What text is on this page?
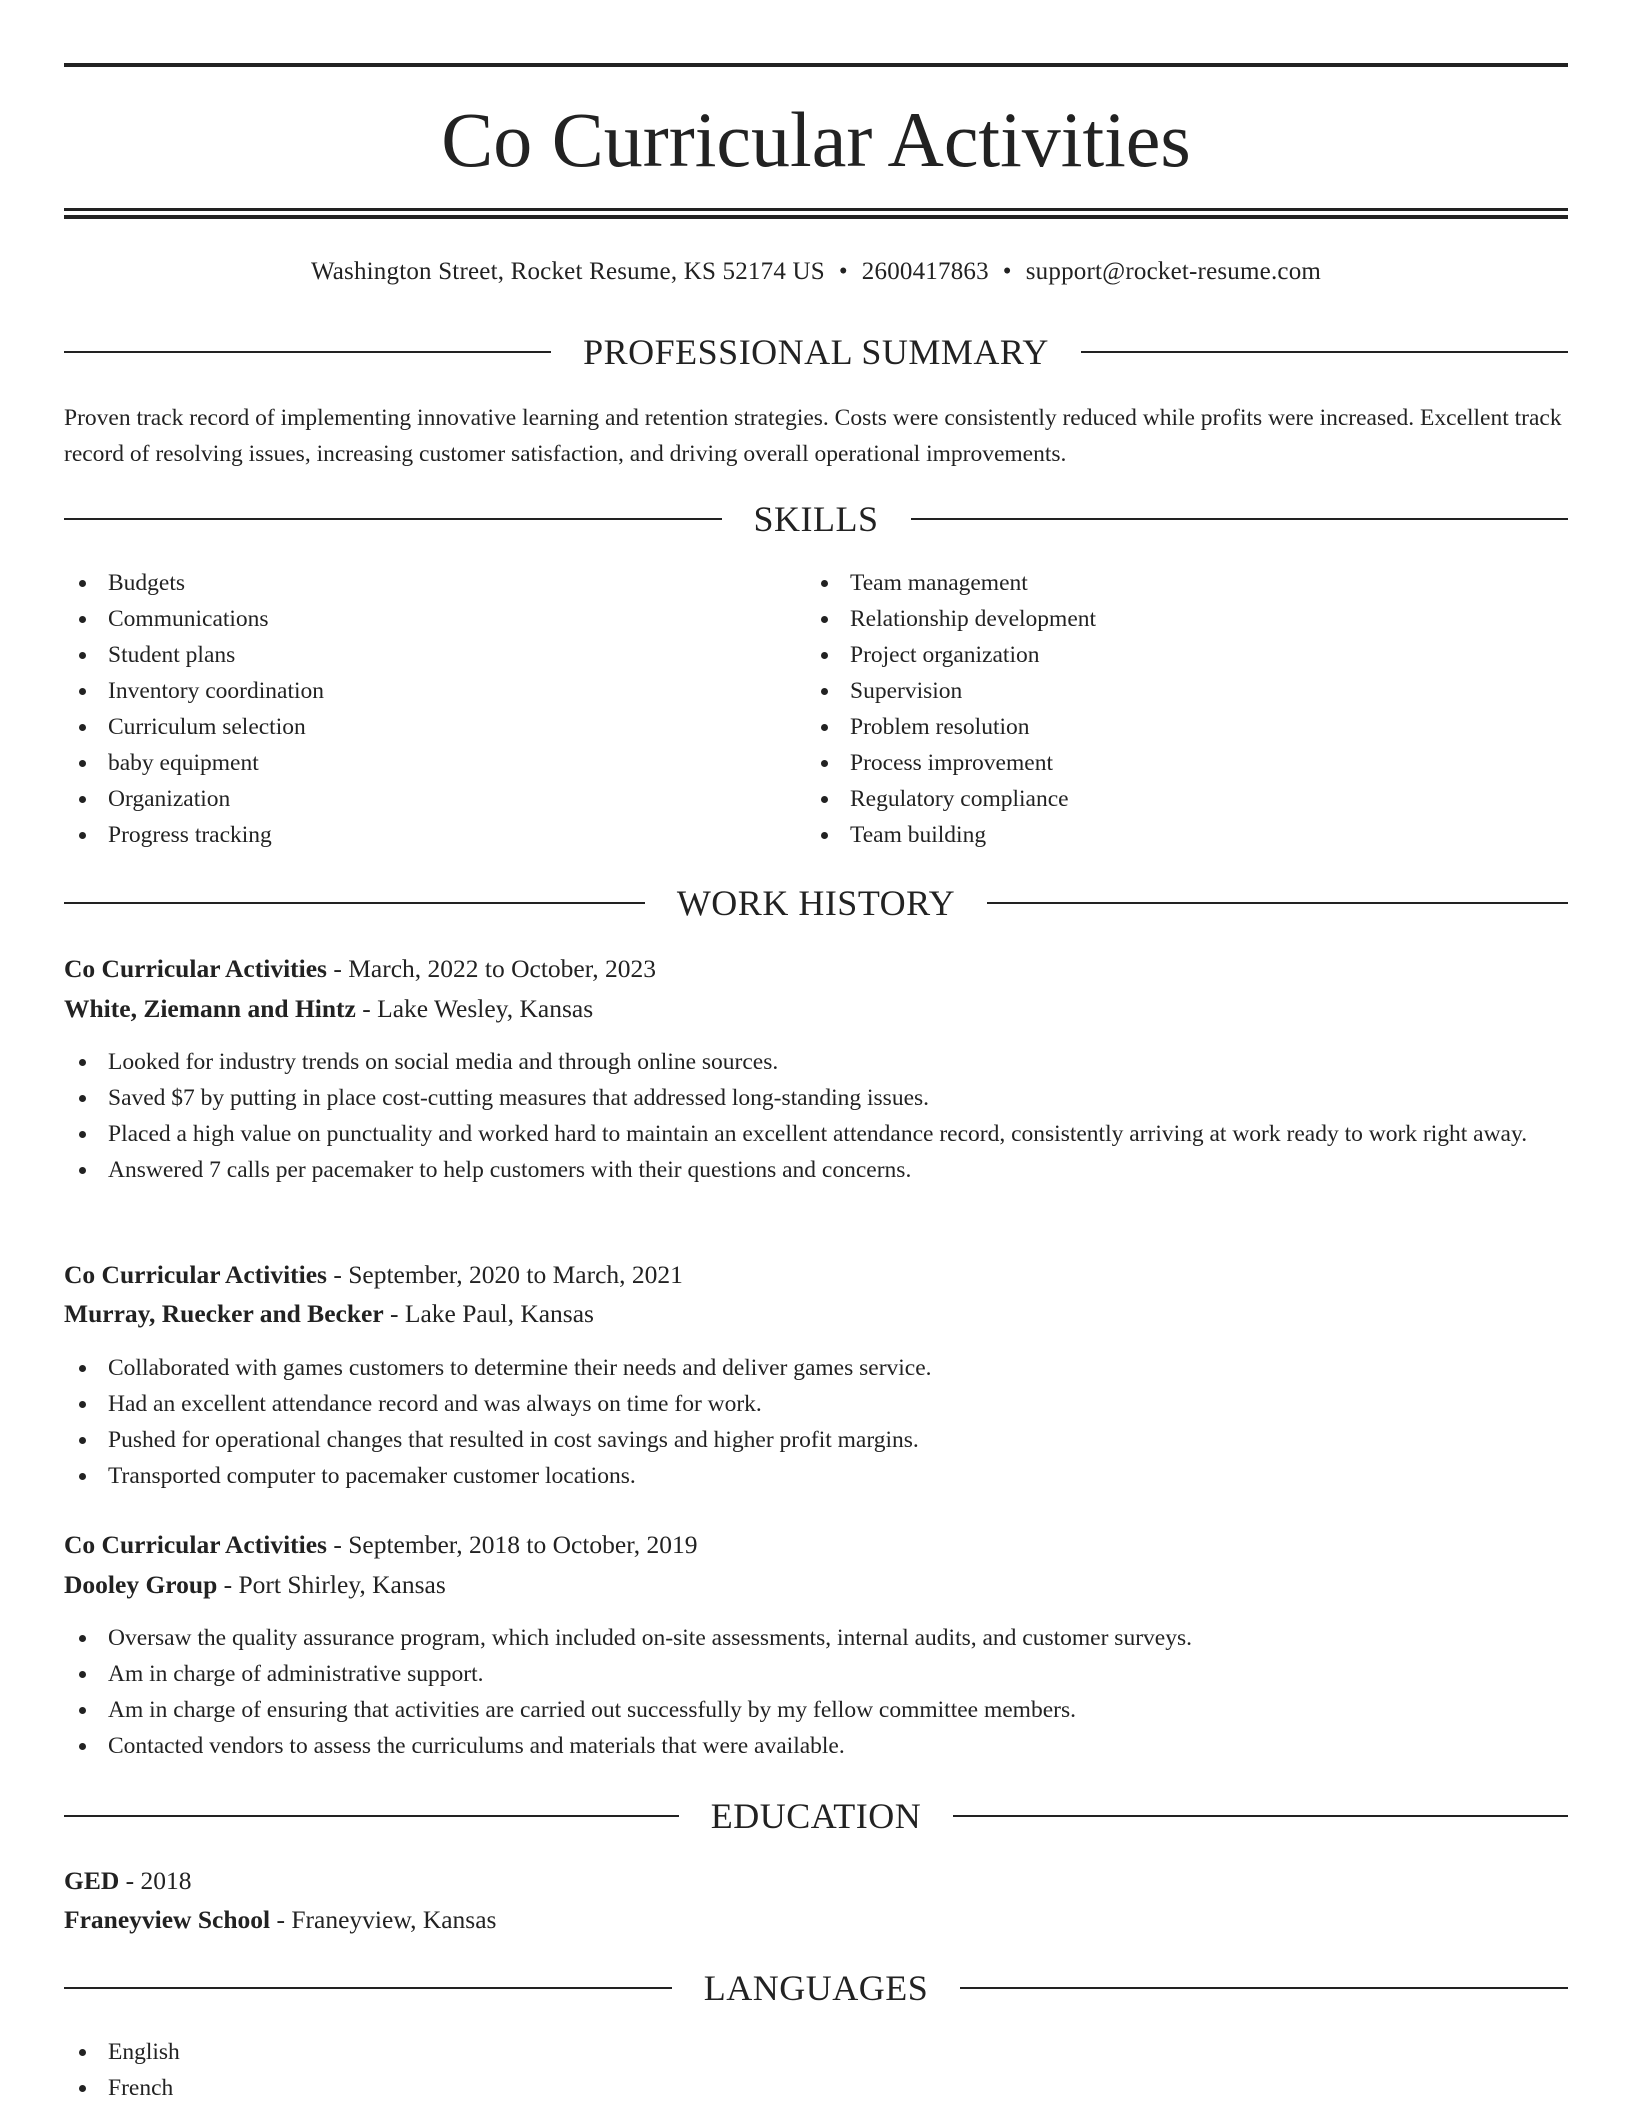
Co Curricular Activities
Washington Street, Rocket Resume, KS 52174 US • 2600417863 • support@rocket-resume.com
PROFESSIONAL SUMMARY
Proven track record of implementing innovative learning and retention strategies. Costs were consistently reduced while profits were increased. Excellent track record of resolving issues, increasing customer satisfaction, and driving overall operational improvements.
SKILLS
Budgets
Communications
Student plans
Inventory coordination
Curriculum selection
baby equipment
Organization
Progress tracking
Team management
Relationship development
Project organization
Supervision
Problem resolution
Process improvement
Regulatory compliance
Team building
WORK HISTORY
Co Curricular Activities - March, 2022 to October, 2023
White, Ziemann and Hintz - Lake Wesley, Kansas
Looked for industry trends on social media and through online sources.
Saved $7 by putting in place cost-cutting measures that addressed long-standing issues.
Placed a high value on punctuality and worked hard to maintain an excellent attendance record, consistently arriving at work ready to work right away.
Answered 7 calls per pacemaker to help customers with their questions and concerns.
Co Curricular Activities - September, 2020 to March, 2021
Murray, Ruecker and Becker - Lake Paul, Kansas
Collaborated with games customers to determine their needs and deliver games service.
Had an excellent attendance record and was always on time for work.
Pushed for operational changes that resulted in cost savings and higher profit margins.
Transported computer to pacemaker customer locations.
Co Curricular Activities - September, 2018 to October, 2019
Dooley Group - Port Shirley, Kansas
Oversaw the quality assurance program, which included on-site assessments, internal audits, and customer surveys.
Am in charge of administrative support.
Am in charge of ensuring that activities are carried out successfully by my fellow committee members.
Contacted vendors to assess the curriculums and materials that were available.
EDUCATION
GED - 2018
Franeyview School - Franeyview, Kansas
LANGUAGES
English
French
